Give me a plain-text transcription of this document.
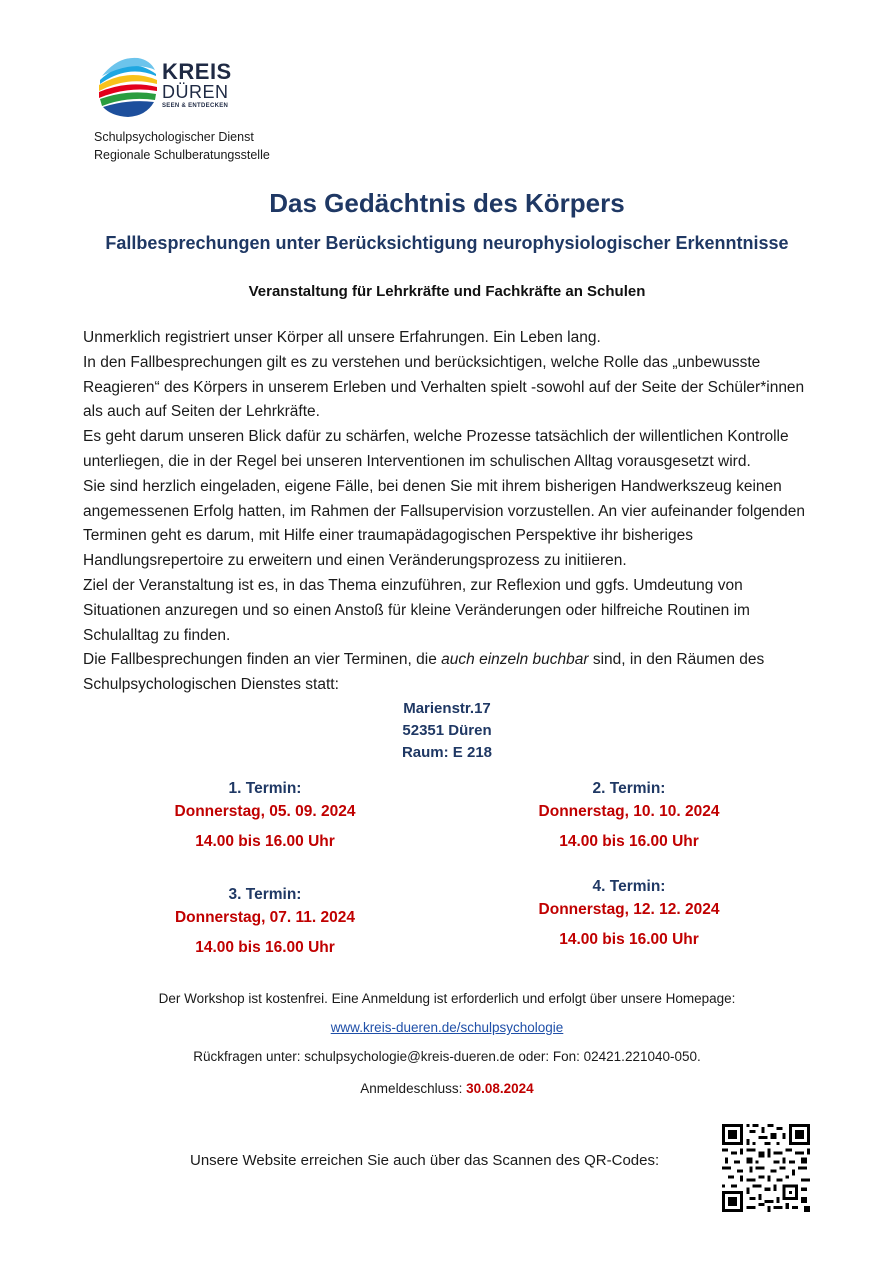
KREIS
DÜREN
SEEN & ENTDECKEN
Schulpsychologischer Dienst
Regionale Schulberatungsstelle
Das Gedächtnis des Körpers
Fallbesprechungen unter Berücksichtigung neurophysiologischer Erkenntnisse
Veranstaltung für Lehrkräfte und Fachkräfte an Schulen

Unmerklich registriert unser Körper all unsere Erfahrungen. Ein Leben lang.

In den Fallbesprechungen gilt es zu verstehen und berücksichtigen, welche Rolle das „unbewusste Reagieren“ des Körpers in unserem Erleben und Verhalten spielt -sowohl auf der Seite der Schüler*innen als auch auf Seiten der Lehrkräfte.

Es geht darum unseren Blick dafür zu schärfen, welche Prozesse tatsächlich der willentlichen Kontrolle unterliegen, die in der Regel bei unseren Interventionen im schulischen Alltag vorausgesetzt wird.

Sie sind herzlich eingeladen, eigene Fälle, bei denen Sie mit ihrem bisherigen Handwerkszeug keinen angemessenen Erfolg hatten, im Rahmen der Fallsupervision vorzustellen. An vier aufeinander folgenden Terminen geht es darum, mit Hilfe einer traumapädagogischen Perspektive ihr bisheriges Handlungsrepertoire zu erweitern und einen Veränderungsprozess zu initiieren.

Ziel der Veranstaltung ist es, in das Thema einzuführen, zur Reflexion und ggfs. Umdeutung von Situationen anzuregen und so einen Anstoß für kleine Veränderungen oder hilfreiche Routinen im Schulalltag zu finden.

Die Fallbesprechungen finden an vier Terminen, die auch einzeln buchbar sind, in den Räumen des Schulpsychologischen Dienstes statt:

Marienstr.17
52351 Düren
Raum: E 218
1. Termin:
Donnerstag, 05. 09. 2024
14.00 bis 16.00 Uhr
2. Termin:
Donnerstag, 10. 10. 2024
14.00 bis 16.00 Uhr
3. Termin:
Donnerstag, 07. 11. 2024
14.00 bis 16.00 Uhr
4. Termin:
Donnerstag, 12. 12. 2024
14.00 bis 16.00 Uhr
Der Workshop ist kostenfrei. Eine Anmeldung ist erforderlich und erfolgt über unsere Homepage:
www.kreis-dueren.de/schulpsychologie
Rückfragen unter: schulpsychologie@kreis-dueren.de oder: Fon: 02421.221040-050.
Anmeldeschluss: 30.08.2024
Unsere Website erreichen Sie auch über das Scannen des QR-Codes:
